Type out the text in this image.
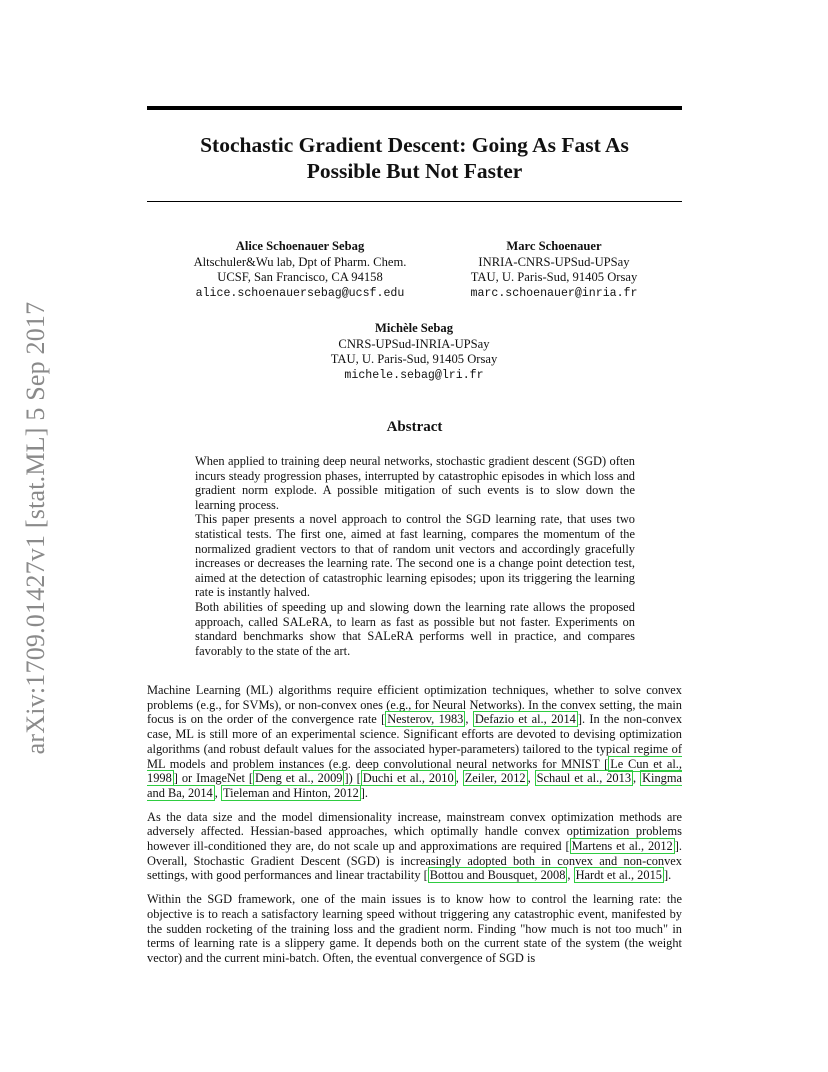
arXiv:1709.01427v1 [stat.ML] 5 Sep 2017
Stochastic Gradient Descent: Going As Fast As
Possible But Not Faster
Alice Schoenauer Sebag
Altschuler&Wu lab, Dpt of Pharm. Chem.
UCSF, San Francisco, CA 94158
alice.schoenauersebag@ucsf.edu
Marc Schoenauer
INRIA-CNRS-UPSud-UPSay
TAU, U. Paris-Sud, 91405 Orsay
marc.schoenauer@inria.fr
Michèle Sebag
CNRS-UPSud-INRIA-UPSay
TAU, U. Paris-Sud, 91405 Orsay
michele.sebag@lri.fr
Abstract

When applied to training deep neural networks, stochastic gradient descent (SGD) often incurs steady progression phases, interrupted by catastrophic episodes in which loss and gradient norm explode. A possible mitigation of such events is to slow down the learning process.

This paper presents a novel approach to control the SGD learning rate, that uses two statistical tests. The first one, aimed at fast learning, compares the momentum of the normalized gradient vectors to that of random unit vectors and accordingly gracefully increases or decreases the learning rate. The second one is a change point detection test, aimed at the detection of catastrophic learning episodes; upon its triggering the learning rate is instantly halved.

Both abilities of speeding up and slowing down the learning rate allows the proposed approach, called SALeRA, to learn as fast as possible but not faster. Experiments on standard benchmarks show that SALeRA performs well in practice, and compares favorably to the state of the art.

Machine Learning (ML) algorithms require efficient optimization techniques, whether to solve convex problems (e.g., for SVMs), or non-convex ones (e.g., for Neural Networks). In the convex setting, the main focus is on the order of the convergence rate [ Nesterov, 1983 , Defazio et al., 2014 ]. In the non-convex case, ML is still more of an experimental science. Significant efforts are devoted to devising optimization algorithms (and robust default values for the associated hyper-parameters) tailored to the typical regime of ML models and problem instances (e.g. deep convolutional neural networks for MNIST [ Le Cun et al., 1998 ] or ImageNet [ Deng et al., 2009 ]) [ Duchi et al., 2010 , Zeiler, 2012 , Schaul et al., 2013 , Kingma and Ba, 2014 , Tieleman and Hinton, 2012 ].

As the data size and the model dimensionality increase, mainstream convex optimization methods are adversely affected. Hessian-based approaches, which optimally handle convex optimization problems however ill-conditioned they are, do not scale up and approximations are required [ Martens et al., 2012 ]. Overall, Stochastic Gradient Descent (SGD) is increasingly adopted both in convex and non-convex settings, with good performances and linear tractability [ Bottou and Bousquet, 2008 , Hardt et al., 2015 ].

Within the SGD framework, one of the main issues is to know how to control the learning rate: the objective is to reach a satisfactory learning speed without triggering any catastrophic event, manifested by the sudden rocketing of the training loss and the gradient norm. Finding "how much is not too much" in terms of learning rate is a slippery game. It depends both on the current state of the system (the weight vector) and the current mini-batch. Often, the eventual convergence of SGD is
